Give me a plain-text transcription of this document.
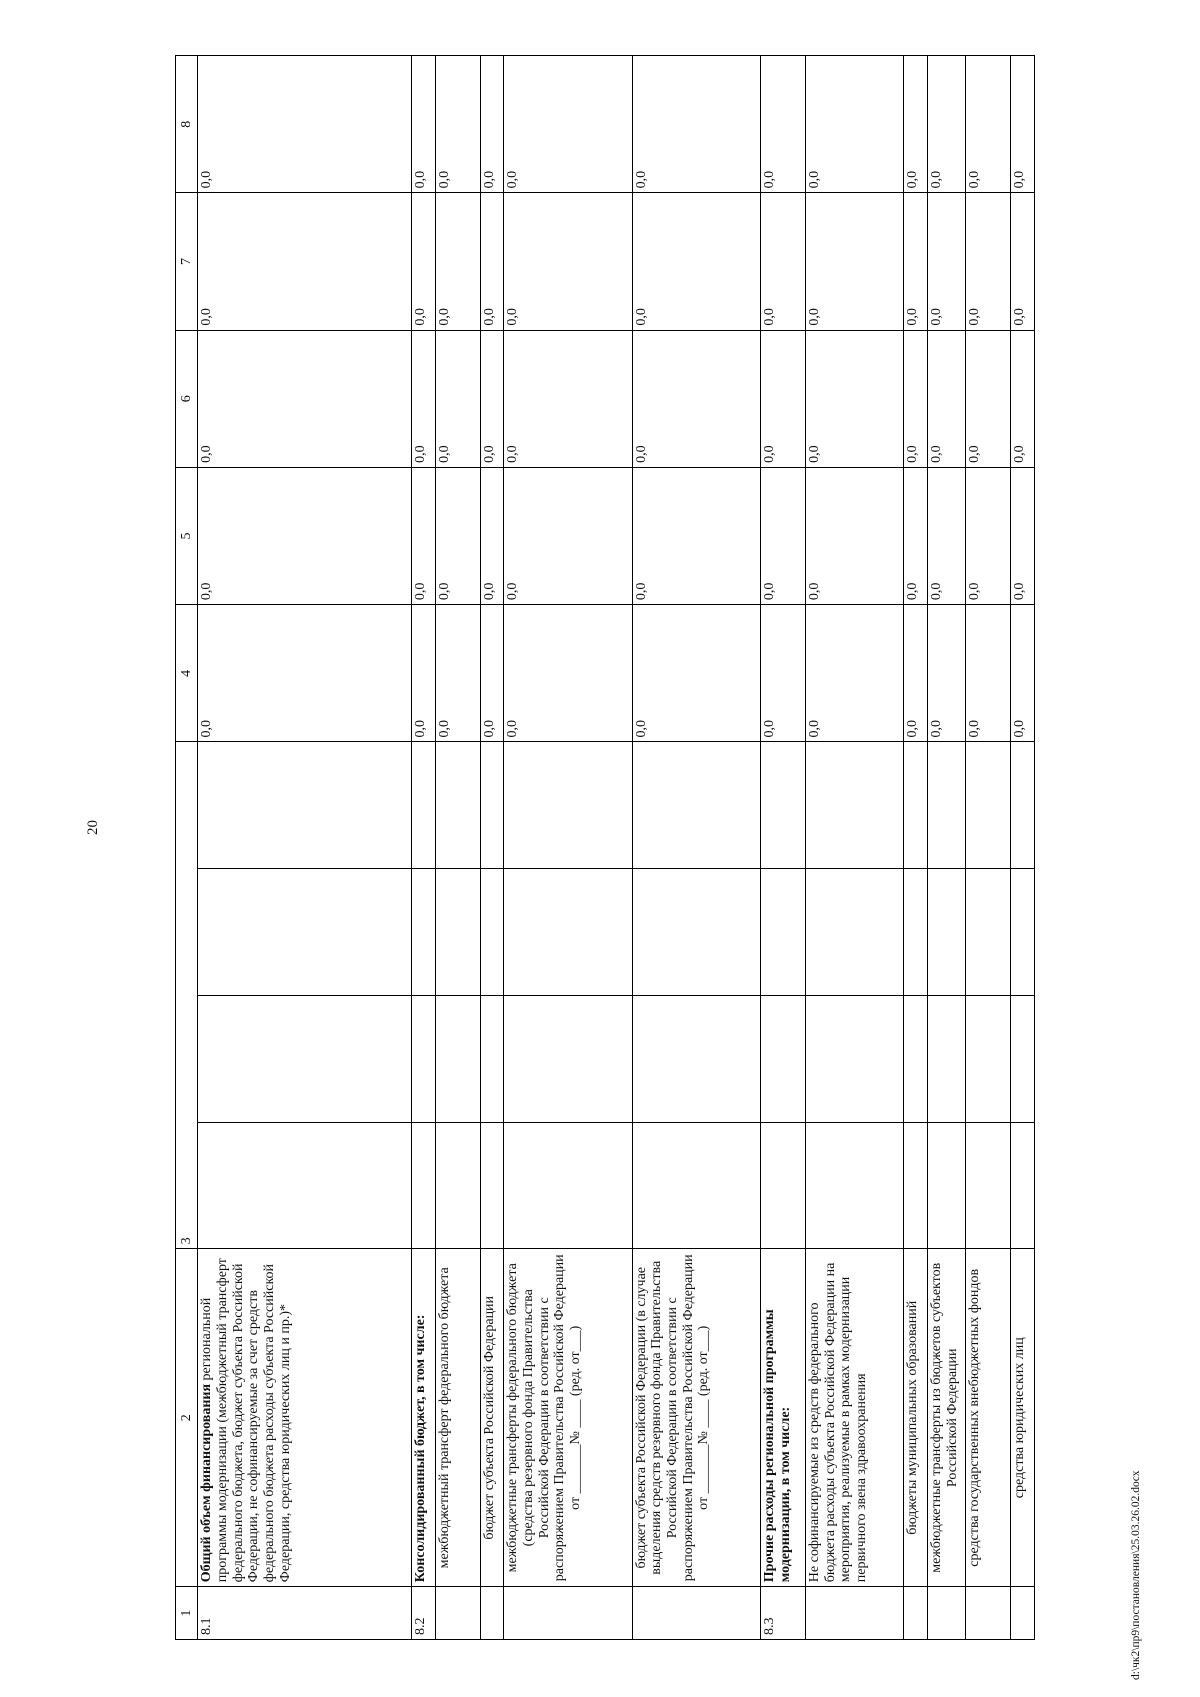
20
1	2	3				4	5	6	7	8
8.1	Общий объем финансирования региональной программы модернизации (межбюджетный трансферт федерального бюджета, бюджет субъекта Российской Федерации, не софинансируемые за счет средств федерального бюджета расходы субъекта Российской Федерации, средства юридических лиц и пр.)*					0,0	0,0	0,0	0,0	0,0
8.2	Консолидированный бюджет, в том числе:					0,0	0,0	0,0	0,0	0,0
	межбюджетный трансферт федерального бюджета					0,0	0,0	0,0	0,0	0,0
	бюджет субъекта Российской Федерации					0,0	0,0	0,0	0,0	0,0
	межбюджетные трансферты федерального бюджета (средства резервного фонда Правительства Российской Федерации в соответствии с распоряжением Правительства Российской Федерации от _______№ ____ (ред. от___)					0,0	0,0	0,0	0,0	0,0
	бюджет субъекта Российской Федерации (в случае выделения средств резервного фонда Правительства Российской Федерации в соответствии с распоряжением Правительства Российской Федерации от _______№ ____ (ред. от___)					0,0	0,0	0,0	0,0	0,0
8.3	Прочие расходы региональной программы модернизации, в том числе:					0,0	0,0	0,0	0,0	0,0
	Не софинансируемые из средств федерального бюджета расходы субъекта Российской Федерации на мероприятия, реализуемые в рамках модернизации первичного звена здравоохранения					0,0	0,0	0,0	0,0	0,0
	бюджеты муниципальных образований					0,0	0,0	0,0	0,0	0,0
	межбюджетные трансферты из бюджетов субъектов Российской Федерации					0,0	0,0	0,0	0,0	0,0
	средства государственных внебюджетных фондов					0,0	0,0	0,0	0,0	0,0
	средства юридических лиц					0,0	0,0	0,0	0,0	0,0
d:\чк2\пр9\постановления\25.03.26.02.docx
